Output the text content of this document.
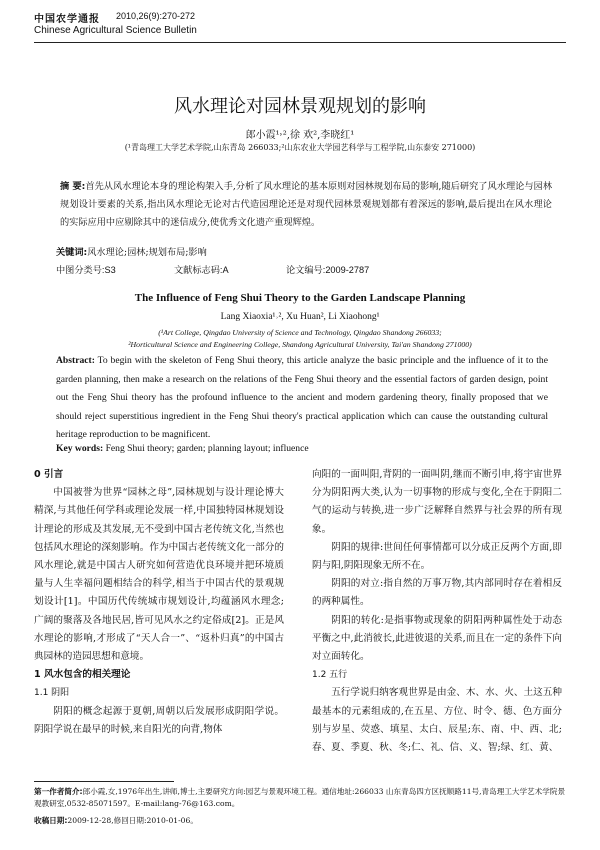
中国农学通报 2010,26(9):270-272
Chinese Agricultural Science Bulletin
风水理论对园林景观规划的影响
郎小霞¹˒²,徐 欢²,李晓红¹
(¹青岛理工大学艺术学院,山东青岛 266033;²山东农业大学园艺科学与工程学院,山东泰安 271000)
摘 要:首先从风水理论本身的理论构架入手,分析了风水理论的基本原则对园林规划布局的影响,随后研究了风水理论与园林规划设计要素的关系,指出风水理论无论对古代造园理论还是对现代园林景观规划都有着深远的影响,最后提出在风水理论的实际应用中应剔除其中的迷信成分,使优秀文化遗产重现辉煌。
关键词:风水理论;园林;规划布局;影响
中图分类号:S3	文献标志码:A	论文编号:2009-2787
The Influence of Feng Shui Theory to the Garden Landscape Planning
Lang Xiaoxia¹˒², Xu Huan², Li Xiaohong¹
(¹Art College, Qingdao University of Science and Technology, Qingdao Shandong 266033;
²Horticultural Science and Engineering College, Shandong Agricultural University, Tai'an Shandong 271000)
Abstract: To begin with the skeleton of Feng Shui theory, this article analyze the basic principle and the influence of it to the garden planning, then make a research on the relations of the Feng Shui theory and the essential factors of garden design, point out the Feng Shui theory has the profound influence to the ancient and modern gardening theory, finally proposed that we should reject superstitious ingredient in the Feng Shui theory's practical application which can cause the outstanding cultural heritage reproduction to be magnificent.
Key words: Feng Shui theory; garden; planning layout; influence
0 引言

中国被誉为世界“园林之母”,园林规划与设计理论博大精深,与其他任何学科或理论发展一样,中国独特园林规划设计理论的形成及其发展,无不受到中国古老传统文化,当然也包括风水理论的深刻影响。作为中国古老传统文化一部分的风水理论,就是中国古人研究如何营造优良环境并把环境质量与人生幸福问题相结合的科学,相当于中国古代的景观规划设计[1]。中国历代传统城市规划设计,均蕴涵风水理念;广阔的聚落及各地民居,皆可见风水之约定俗成[2]。正是风水理论的影响,才形成了“天人合一”、“返朴归真”的中国古典园林的造园思想和意境。

1 风水包含的相关理论
1.1 阴阳

阴阳的概念起源于夏朝,周朝以后发展形成阴阳学说。阴阳学说在最早的时候,来自阳光的向背,物体

向阳的一面叫阳,背阴的一面叫阴,继而不断引申,将宇宙世界分为阴阳两大类,认为一切事物的形成与变化,全在于阴阳二气的运动与转换,进一步广泛解释自然界与社会界的所有现象。

阴阳的规律:世间任何事情都可以分成正反两个方面,即阴与阳,阴阳现象无所不在。

阴阳的对立:指自然的万事万物,其内部同时存在着相反的两种属性。

阴阳的转化:是指事物或现象的阴阳两种属性处于动态平衡之中,此消彼长,此进彼退的关系,而且在一定的条件下向对立面转化。

1.2 五行

五行学说归纳客观世界是由金、木、水、火、土这五种最基本的元素组成的,在五星、方位、时令、德、色方面分别与岁星、荧惑、填星、太白、辰星;东、南、中、西、北;春、夏、季夏、秋、冬;仁、礼、信、义、智;绿、红、黄、

第一作者简介:郎小霞,女,1976年出生,讲师,博士,主要研究方向:园艺与景观环境工程。通信地址:266033 山东青岛四方区抚顺路11号,青岛理工大学艺术学院景观教研室,0532-85071597。E-mail:lang-76@163.com。
收稿日期:2009-12-28,修回日期:2010-01-06。
